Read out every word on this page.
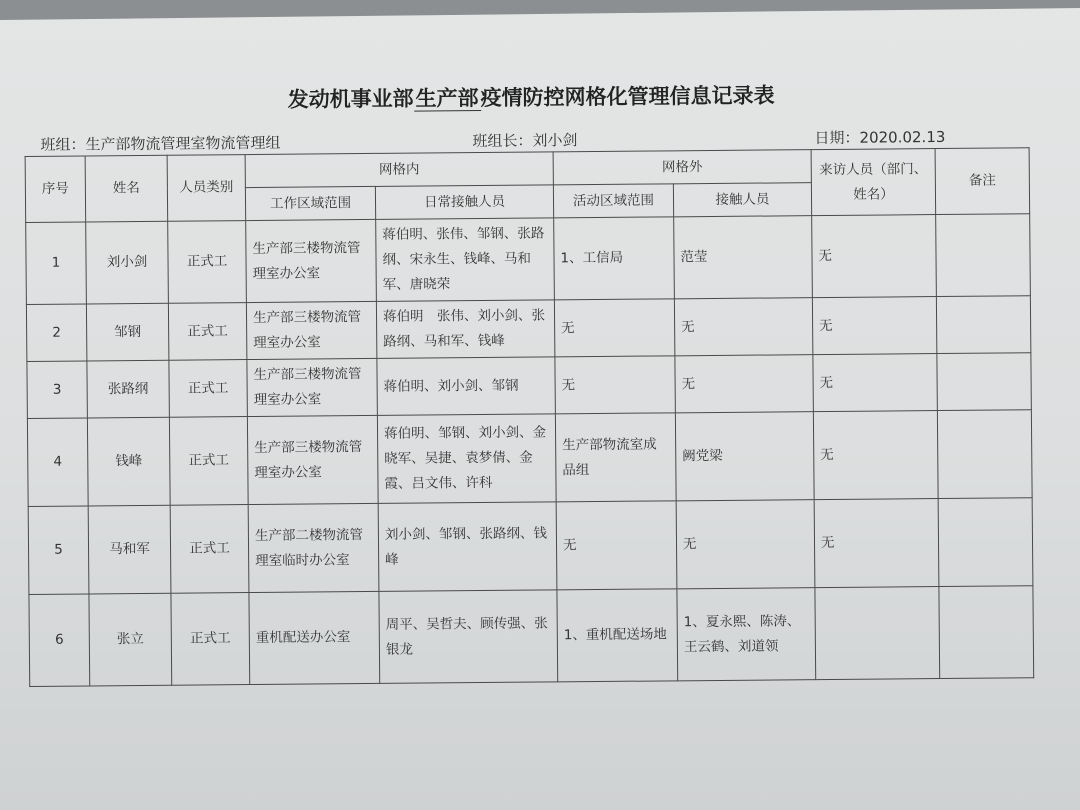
发动机事业部生产部疫情防控网格化管理信息记录表
班组：生产部物流管理室物流管理组	班组长：刘小剑	日期：2020.02.13
序号	姓名	人员类别	网格内		网格外		来访人员（部门、姓名）	备注
			工作区域范围	日常接触人员	活动区域范围	接触人员		
1	刘小剑	正式工	生产部三楼物流管理室办公室	蒋伯明、张伟、邹钢、张路纲、宋永生、钱峰、马和军、唐晓荣	1、工信局	范莹	无	
2	邹钢	正式工	生产部三楼物流管理室办公室	蒋伯明　张伟、刘小剑、张路纲、马和军、钱峰	无	无	无	
3	张路纲	正式工	生产部三楼物流管理室办公室	蒋伯明、刘小剑、邹钢	无	无	无	
4	钱峰	正式工	生产部三楼物流管理室办公室	蒋伯明、邹钢、刘小剑、金晓军、吴捷、袁梦倩、金霞、吕文伟、许科	生产部物流室成品组	阙党梁	无	
5	马和军	正式工	生产部二楼物流管理室临时办公室	刘小剑、邹钢、张路纲、钱峰	无	无	无	
6	张立	正式工	重机配送办公室	周平、吴哲夫、顾传强、张银龙	1、重机配送场地	1、夏永熙、陈涛、王云鹤、刘道领		
